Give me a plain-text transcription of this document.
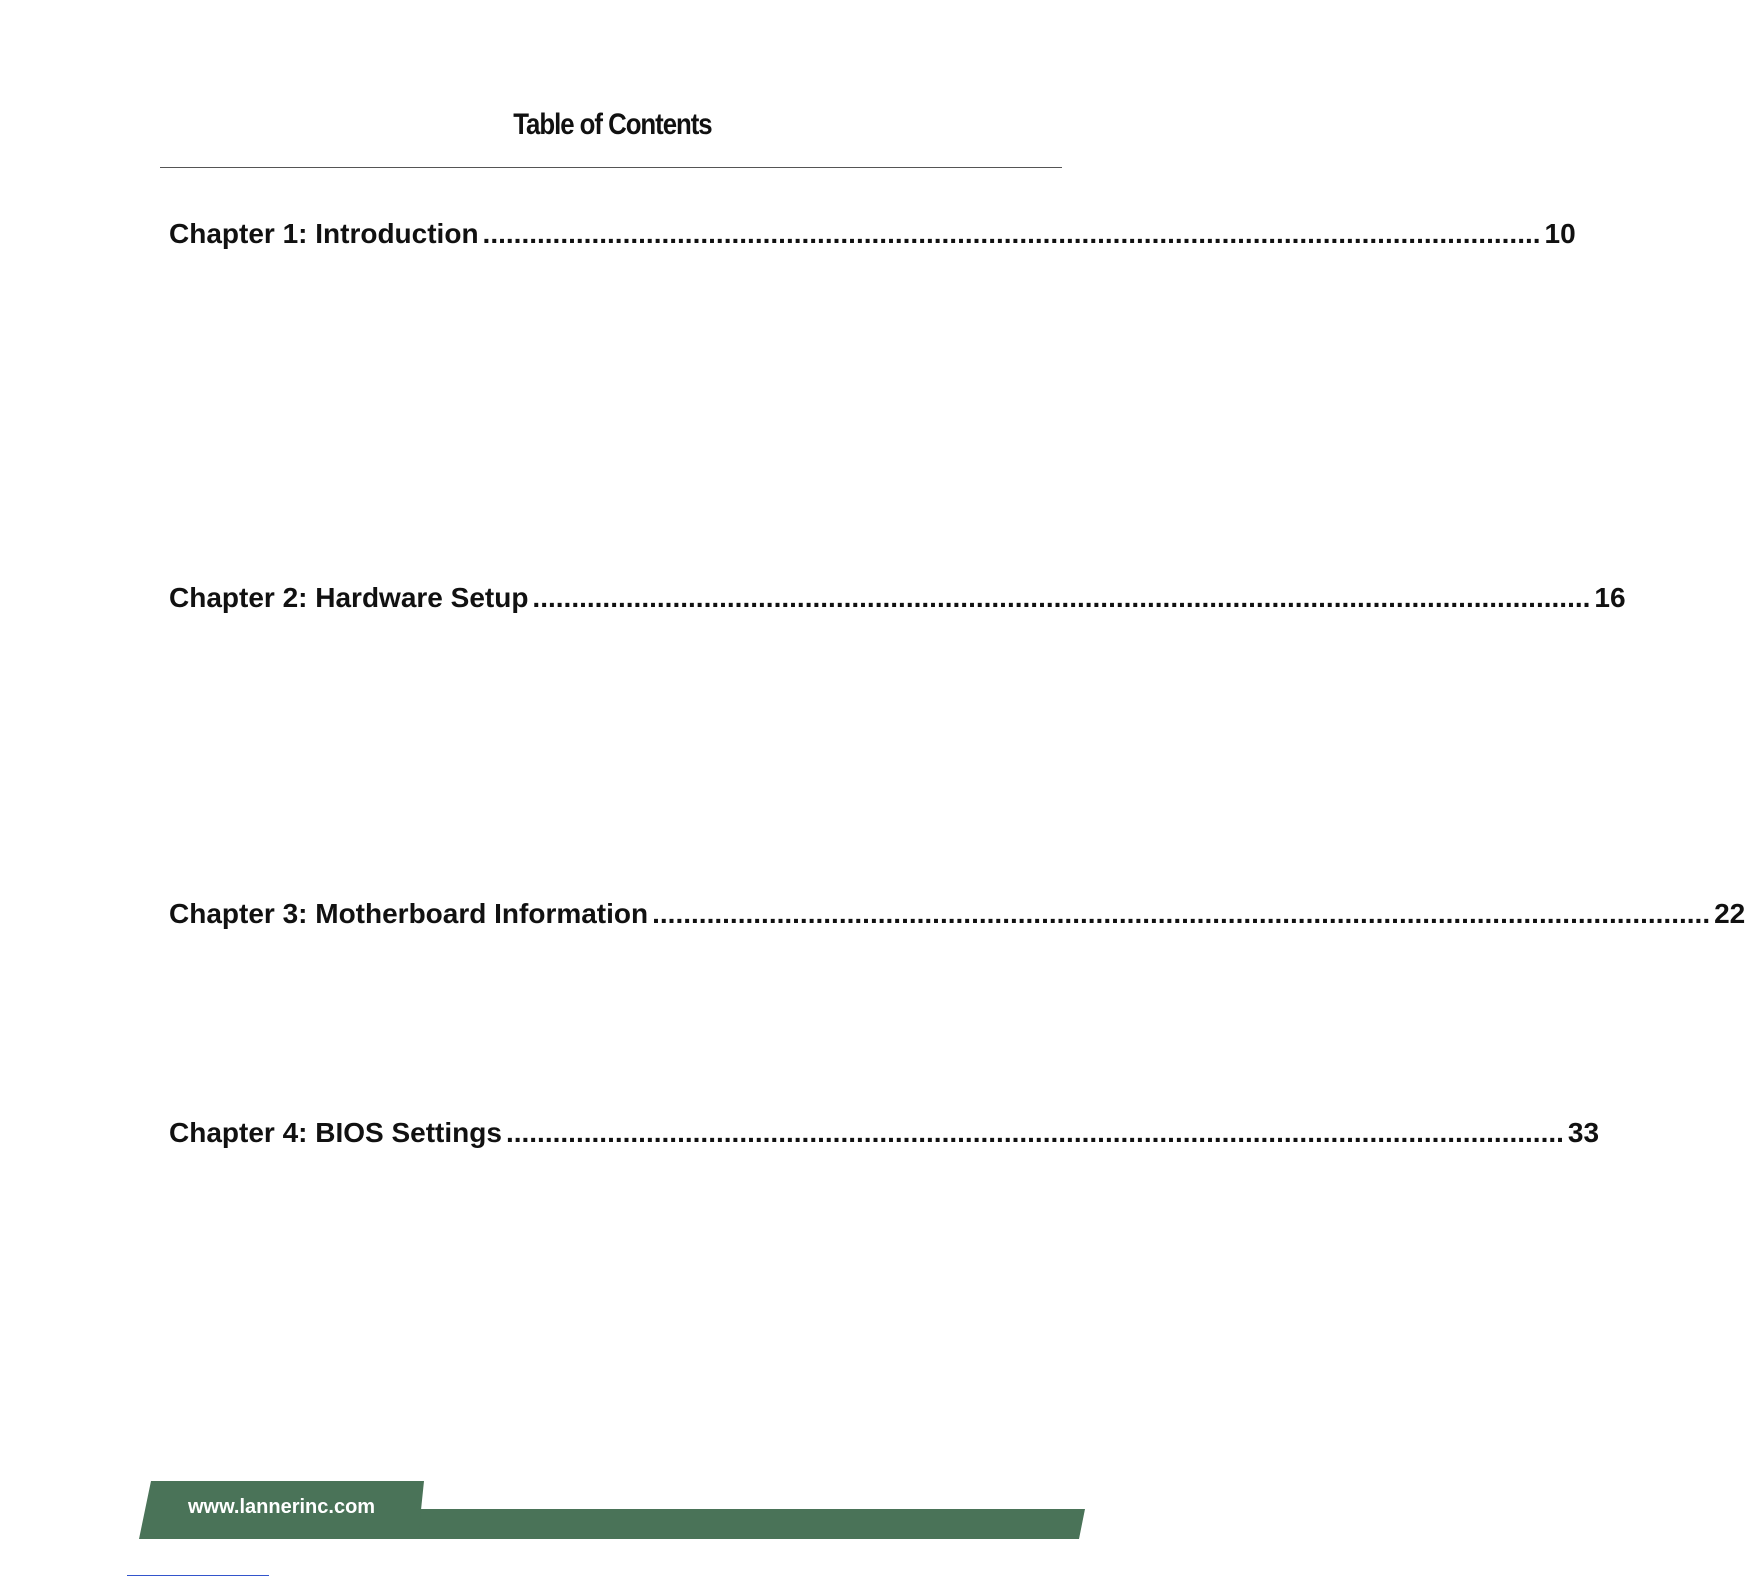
Table of Contents
Chapter 1: Introduction ........................................................................................................................................ 10
Chapter 2: Hardware Setup ........................................................................................................................................ 16
Chapter 3: Motherboard Information ........................................................................................................................................ 22
Chapter 4: BIOS Settings ........................................................................................................................................ 33
www.lannerinc.com
